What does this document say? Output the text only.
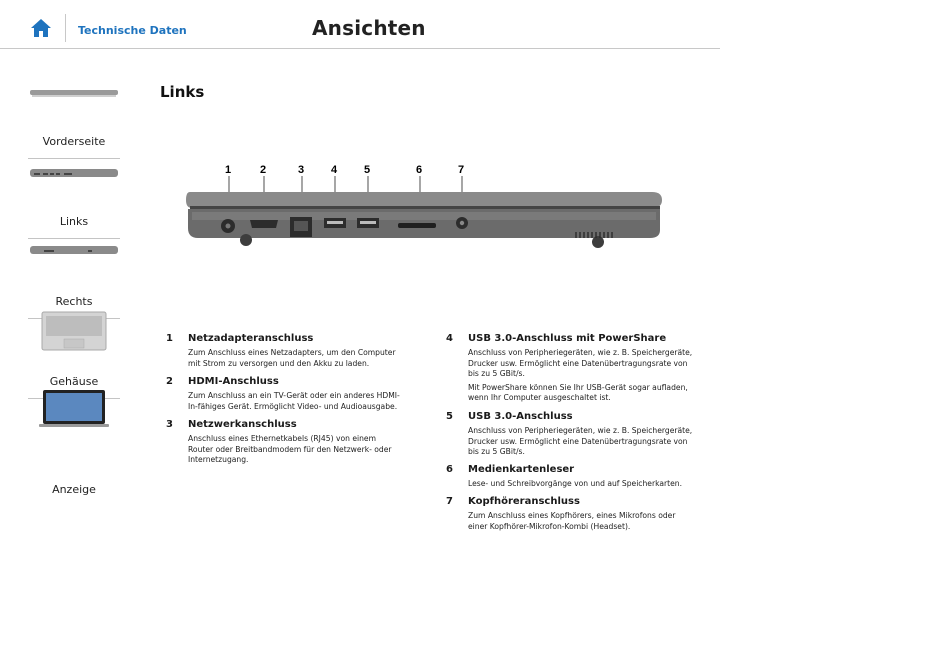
Technische Daten	Ansichten
Vorderseite
Links
Rechts
Gehäuse
Anzeige
Links
1	2	3 4 5	6	7
1 Netzadapteranschluss
Zum Anschluss eines Netzadapters, um den Computer
mit Strom zu versorgen und den Akku zu laden.
2 HDMI-Anschluss
Zum Anschluss an ein TV-Gerät oder ein anderes HDMI-
In-fähiges Gerät. Ermöglicht Video- und Audioausgabe.
3 Netzwerkanschluss
Anschluss eines Ethernetkabels (RJ45) von einem
Router oder Breitbandmodem für den Netzwerk- oder
Internetzugang.
4 USB 3.0-Anschluss mit PowerShare
Anschluss von Peripheriegeräten, wie z. B. Speichergeräte,
Drucker usw. Ermöglicht eine Datenübertragungsrate von
bis zu 5 GBit/s.
Mit PowerShare können Sie Ihr USB-Gerät sogar aufladen,
wenn Ihr Computer ausgeschaltet ist.
5 USB 3.0-Anschluss
Anschluss von Peripheriegeräten, wie z. B. Speichergeräte,
Drucker usw. Ermöglicht eine Datenübertragungsrate von
bis zu 5 GBit/s.
6 Medienkartenleser
Lese- und Schreibvorgänge von und auf Speicherkarten.
7 Kopfhöreranschluss
Zum Anschluss eines Kopfhörers, eines Mikrofons oder
einer Kopfhörer-Mikrofon-Kombi (Headset).
